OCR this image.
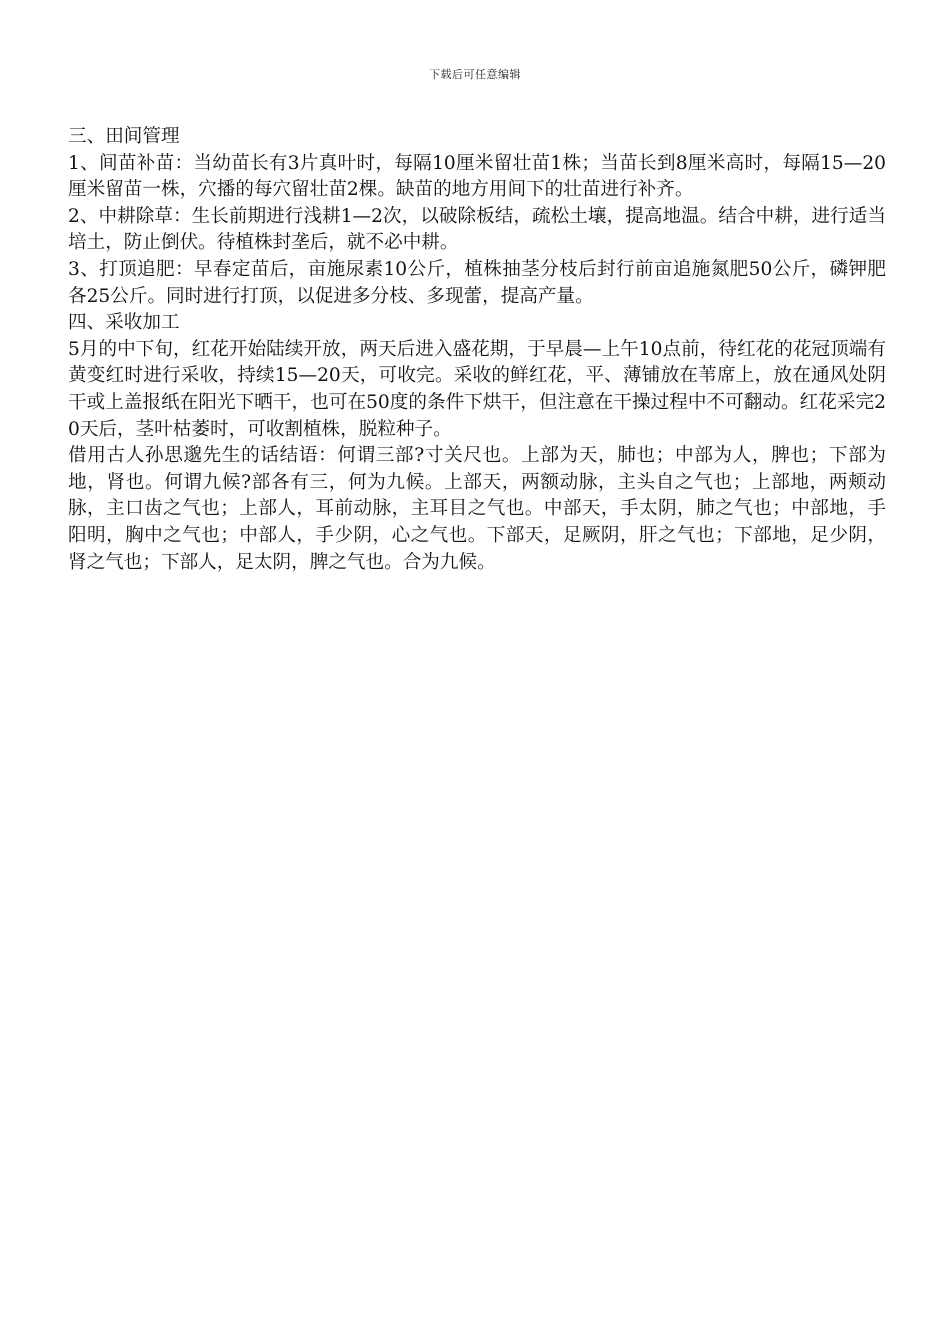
下载后可任意编辑

三、田间管理

1、间苗补苗：当幼苗长有3片真叶时，每隔10厘米留壮苗1株；当苗长到8厘米高时，每隔15—20厘米留苗一株，穴播的每穴留壮苗2棵。缺苗的地方用间下的壮苗进行补齐。

2、中耕除草：生长前期进行浅耕1—2次，以破除板结，疏松土壤，提高地温。结合中耕，进行适当培土，防止倒伏。待植株封垄后，就不必中耕。

3、打顶追肥：早春定苗后，亩施尿素10公斤，植株抽茎分枝后封行前亩追施氮肥50公斤，磷钾肥各25公斤。同时进行打顶，以促进多分枝、多现蕾，提高产量。

四、采收加工

5月的中下旬，红花开始陆续开放，两天后进入盛花期，于早晨—上午10点前，待红花的花冠顶端有黄变红时进行采收，持续15—20天，可收完。采收的鲜红花，平、薄铺放在苇席上，放在通风处阴干或上盖报纸在阳光下晒干，也可在50度的条件下烘干，但注意在干操过程中不可翻动。红花采完20天后，茎叶枯萎时，可收割植株，脱粒种子。

借用古人孙思邈先生的话结语：何谓三部?寸关尺也。上部为天，肺也；中部为人，脾也；下部为地，肾也。何谓九候?部各有三，何为九候。上部天，两额动脉，主头自之气也；上部地，两颊动脉，主口齿之气也；上部人，耳前动脉，主耳目之气也。中部天，手太阴，肺之气也；中部地，手阳明，胸中之气也；中部人，手少阴，心之气也。下部天，足厥阴，肝之气也；下部地，足少阴，肾之气也；下部人，足太阴，脾之气也。合为九候。
